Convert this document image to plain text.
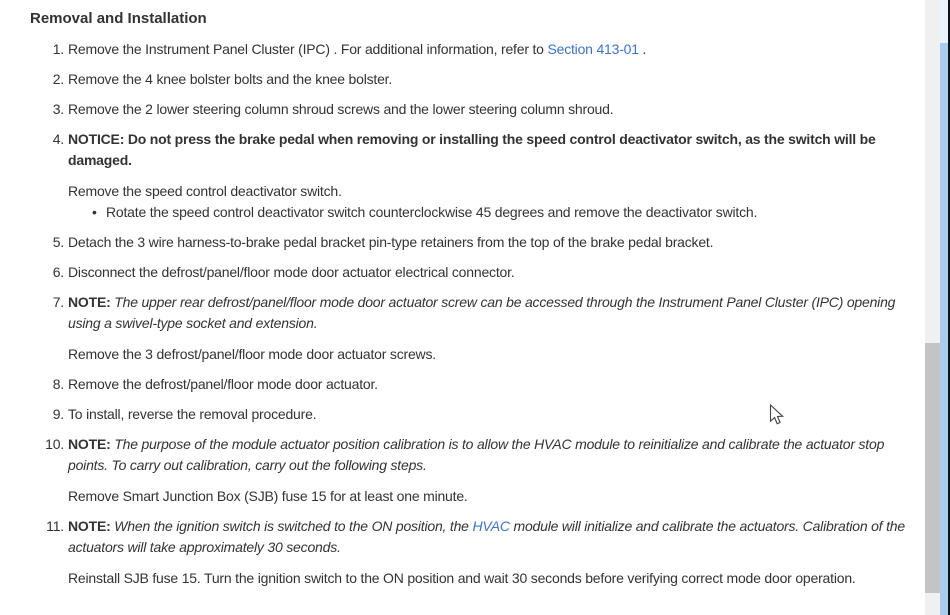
Removal and Installation
1. Remove the Instrument Panel Cluster (IPC) . For additional information, refer to Section 413-01 .

2. Remove the 4 knee bolster bolts and the knee bolster.

3. Remove the 2 lower steering column shroud screws and the lower steering column shroud.

4. NOTICE: Do not press the brake pedal when removing or installing the speed control deactivator switch, as the switch will be damaged.

Remove the speed control deactivator switch.

• Rotate the speed control deactivator switch counterclockwise 45 degrees and remove the deactivator switch.
5. Detach the 3 wire harness-to-brake pedal bracket pin-type retainers from the top of the brake pedal bracket.

6. Disconnect the defrost/panel/floor mode door actuator electrical connector.

7. NOTE: The upper rear defrost/panel/floor mode door actuator screw can be accessed through the Instrument Panel Cluster (IPC) opening using a swivel-type socket and extension.

Remove the 3 defrost/panel/floor mode door actuator screws.

8. Remove the defrost/panel/floor mode door actuator.

9. To install, reverse the removal procedure.

10. NOTE: The purpose of the module actuator position calibration is to allow the HVAC module to reinitialize and calibrate the actuator stop points. To carry out calibration, carry out the following steps.

Remove Smart Junction Box (SJB) fuse 15 for at least one minute.

11. NOTE: When the ignition switch is switched to the ON position, the HVAC module will initialize and calibrate the actuators. Calibration of the actuators will take approximately 30 seconds.

Reinstall SJB fuse 15. Turn the ignition switch to the ON position and wait 30 seconds before verifying correct mode door operation.
